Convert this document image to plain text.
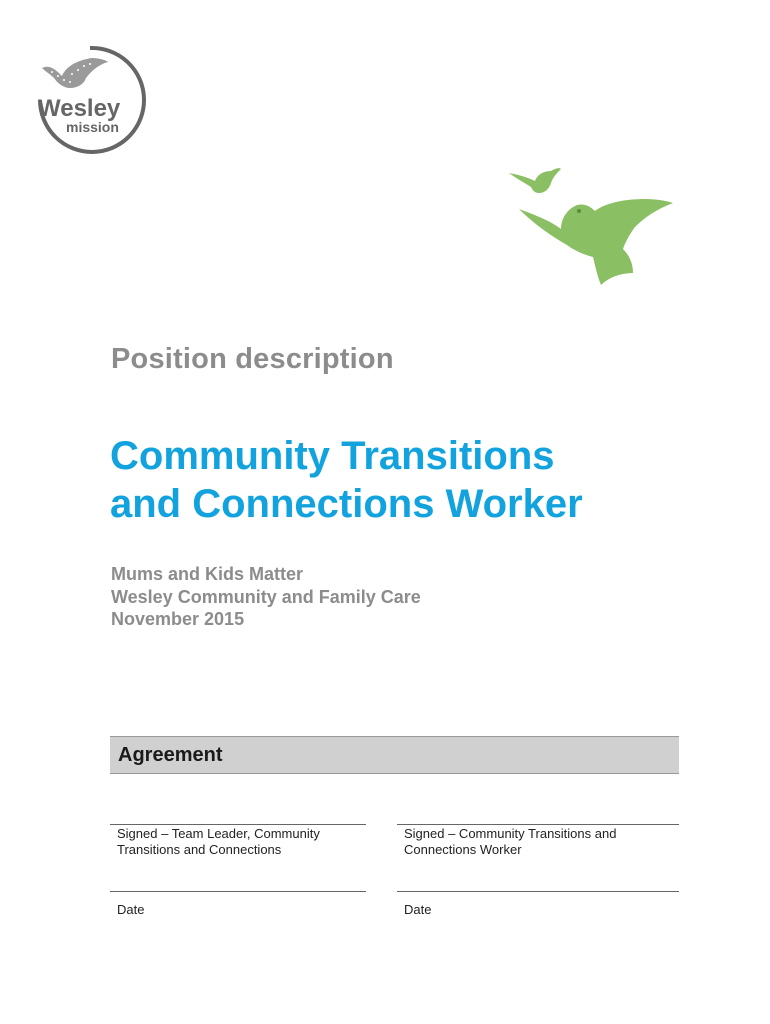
Wesley
mission
Position description
Community Transitions
and Connections Worker
Mums and Kids Matter
Wesley Community and Family Care
November 2015
Agreement
Signed – Team Leader, Community
Transitions and Connections
Signed – Community Transitions and
Connections Worker
Date	Date
